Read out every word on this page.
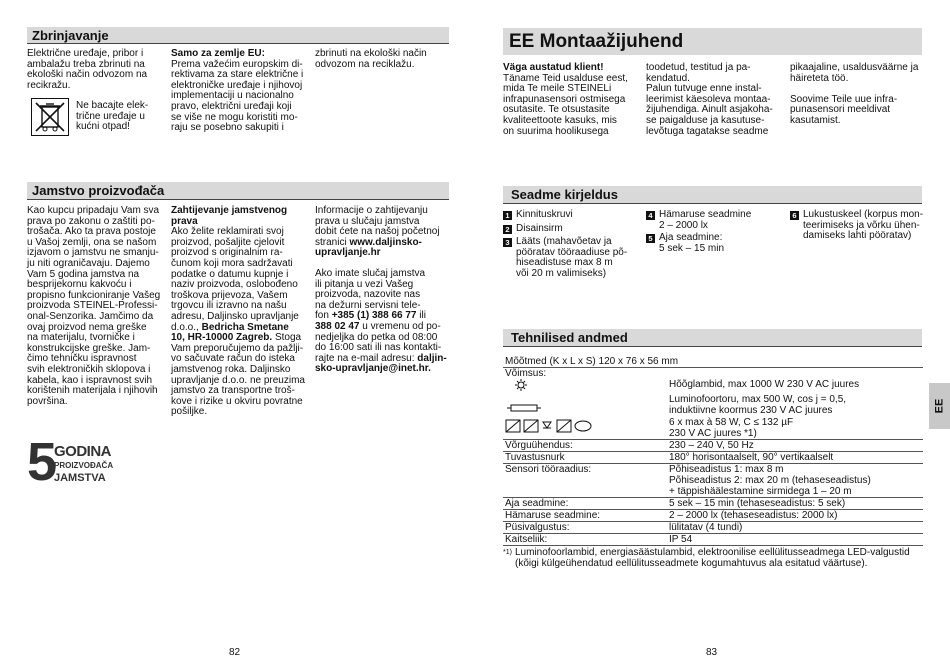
Zbrinjavanje

Električne uređaje, pribor i
ambalažu treba zbrinuti na
ekološki način odvozom na
recikražu.

Ne bacajte elek-
trične uređaje u
kućni otpad!

Samo za zemlje EU:

Prema važećim europskim di-
rektivama za stare električne i
elektroničke uređaje i njihovoj
implementaciji u nacionalno
pravo, električni uređaji koji
se više ne mogu koristiti mo-
raju se posebno sakupiti i

zbrinuti na ekološki način
odvozom na reciklažu.

Jamstvo proizvođača

Kao kupcu pripadaju Vam sva
prava po zakonu o zaštiti po-
trošača. Ako ta prava postoje
u Vašoj zemlji, ona se našom
izjavom o jamstvu ne smanju-
ju niti ograničavaju. Dajemo
Vam 5 godina jamstva na
besprijekornu kakvoću i
propisno funkcioniranje Vašeg
proizvoda STEINEL-Professi-
onal-Senzorika. Jamčimo da
ovaj proizvod nema greške
na materijalu, tvorničke i
konstrukcijske greške. Jam-
čimo tehničku ispravnost
svih elektroničkih sklopova i
kabela, kao i ispravnost svih
korištenih materijala i njihovih
površina.

Zahtijevanje jamstvenog
prava

Ako želite reklamirati svoj
proizvod, pošaljite cjelovit
proizvod s originalnim ra-
čunom koji mora sadržavati
podatke o datumu kupnje i
naziv proizvoda, oslobođeno
troškova prijevoza, Vašem
trgovcu ili izravno na našu
adresu, Daljinsko upravljanje
d.o.o., Bedricha Smetane
10, HR-10000 Zagreb. Stoga
Vam preporučujemo da pažlji-
vo sačuvate račun do isteka
jamstvenog roka. Daljinsko
upravljanje d.o.o. ne preuzima
jamstvo za transportne troš-
kove i rizike u okviru povratne
pošiljke.

Informacije o zahtijevanju
prava u slučaju jamstva
dobit ćete na našoj početnoj
stranici www.daljinsko-
upravljanje.hr

Ako imate slučaj jamstva
ili pitanja u vezi Vašeg
proizvoda, nazovite nas
na dežurni servisni tele-
fon +385 (1) 388 66 77 ili
388 02 47 u vremenu od po-
nedjeljka do petka od 08:00
do 16:00 sati ili nas kontakti-
rajte na e-mail adresu: daljin-
sko-upravljanje@inet.hr.

5
GODINA
PROIZVOĐAČA
JAMSTVA
82
EE Montaažijuhend

Väga austatud klient!

Täname Teid usalduse eest,
mida Te meile STEINELi
infrapunasensori ostmisega
osutasite. Te otsustasite
kvaliteettoote kasuks, mis
on suurima hoolikusega

toodetud, testitud ja pa-
kendatud.
Palun tutvuge enne instal-
leerimist käesoleva montaa-
žijuhendiga. Ainult asjakoha-
se paigalduse ja kasutuse-
levõtuga tagatakse seadme

pikaajaline, usaldusväärne ja
häireteta töö.

Soovime Teile uue infra-
punasensori meeldivat
kasutamist.

Seadme kirjeldus
1 Kinnituskruvi
2 Disainsirm
3 Lääts (mahavõetav ja
pööratav tööraadiuse põ-
hiseadistuse max 8 m
või 20 m valimiseks)
4 Hämaruse seadmine
2 – 2000 lx
5 Aja seadmine:
5 sek – 15 min
6 Lukustuskeel (korpus mon-
teerimiseks ja võrku ühen-
damiseks lahti pööratav)
Tehnilised andmed
Mõõtmed (K x L x S) 120 x 76 x 56 mm	
Võimsus:	
	Hõõglambid, max 1000 W 230 V AC juures
	Luminofoortoru, max 500 W, cos j = 0,5,
induktiivne koormus 230 V AC juures
	6 x max à 58 W, C ≤ 132 µF
230 V AC juures *1)
Võrguühendus:	230 – 240 V, 50 Hz
Tuvastusnurk	180° horisontaalselt, 90° vertikaalselt
Sensori tööraadius:	Põhiseadistus 1: max 8 m
Põhiseadistus 2: max 20 m (tehaseseadistus)
+ täppishäälestamine sirmidega 1 – 20 m
Aja seadmine:	5 sek – 15 min (tehaseseadistus: 5 sek)
Hämaruse seadmine:	2 – 2000 lx (tehaseseadistus: 2000 lx)
Püsivalgustus:	lülitatav (4 tundi)
Kaitseliik:	IP 54
*1) Luminofoorlambid, energiasäästulambid, elektroonilise eellülitusseadmega LED-valgustid
(kõigi külgeühendatud eellülitusseadmete kogumahtuvus ala esitatud väärtuse).
EE
83
